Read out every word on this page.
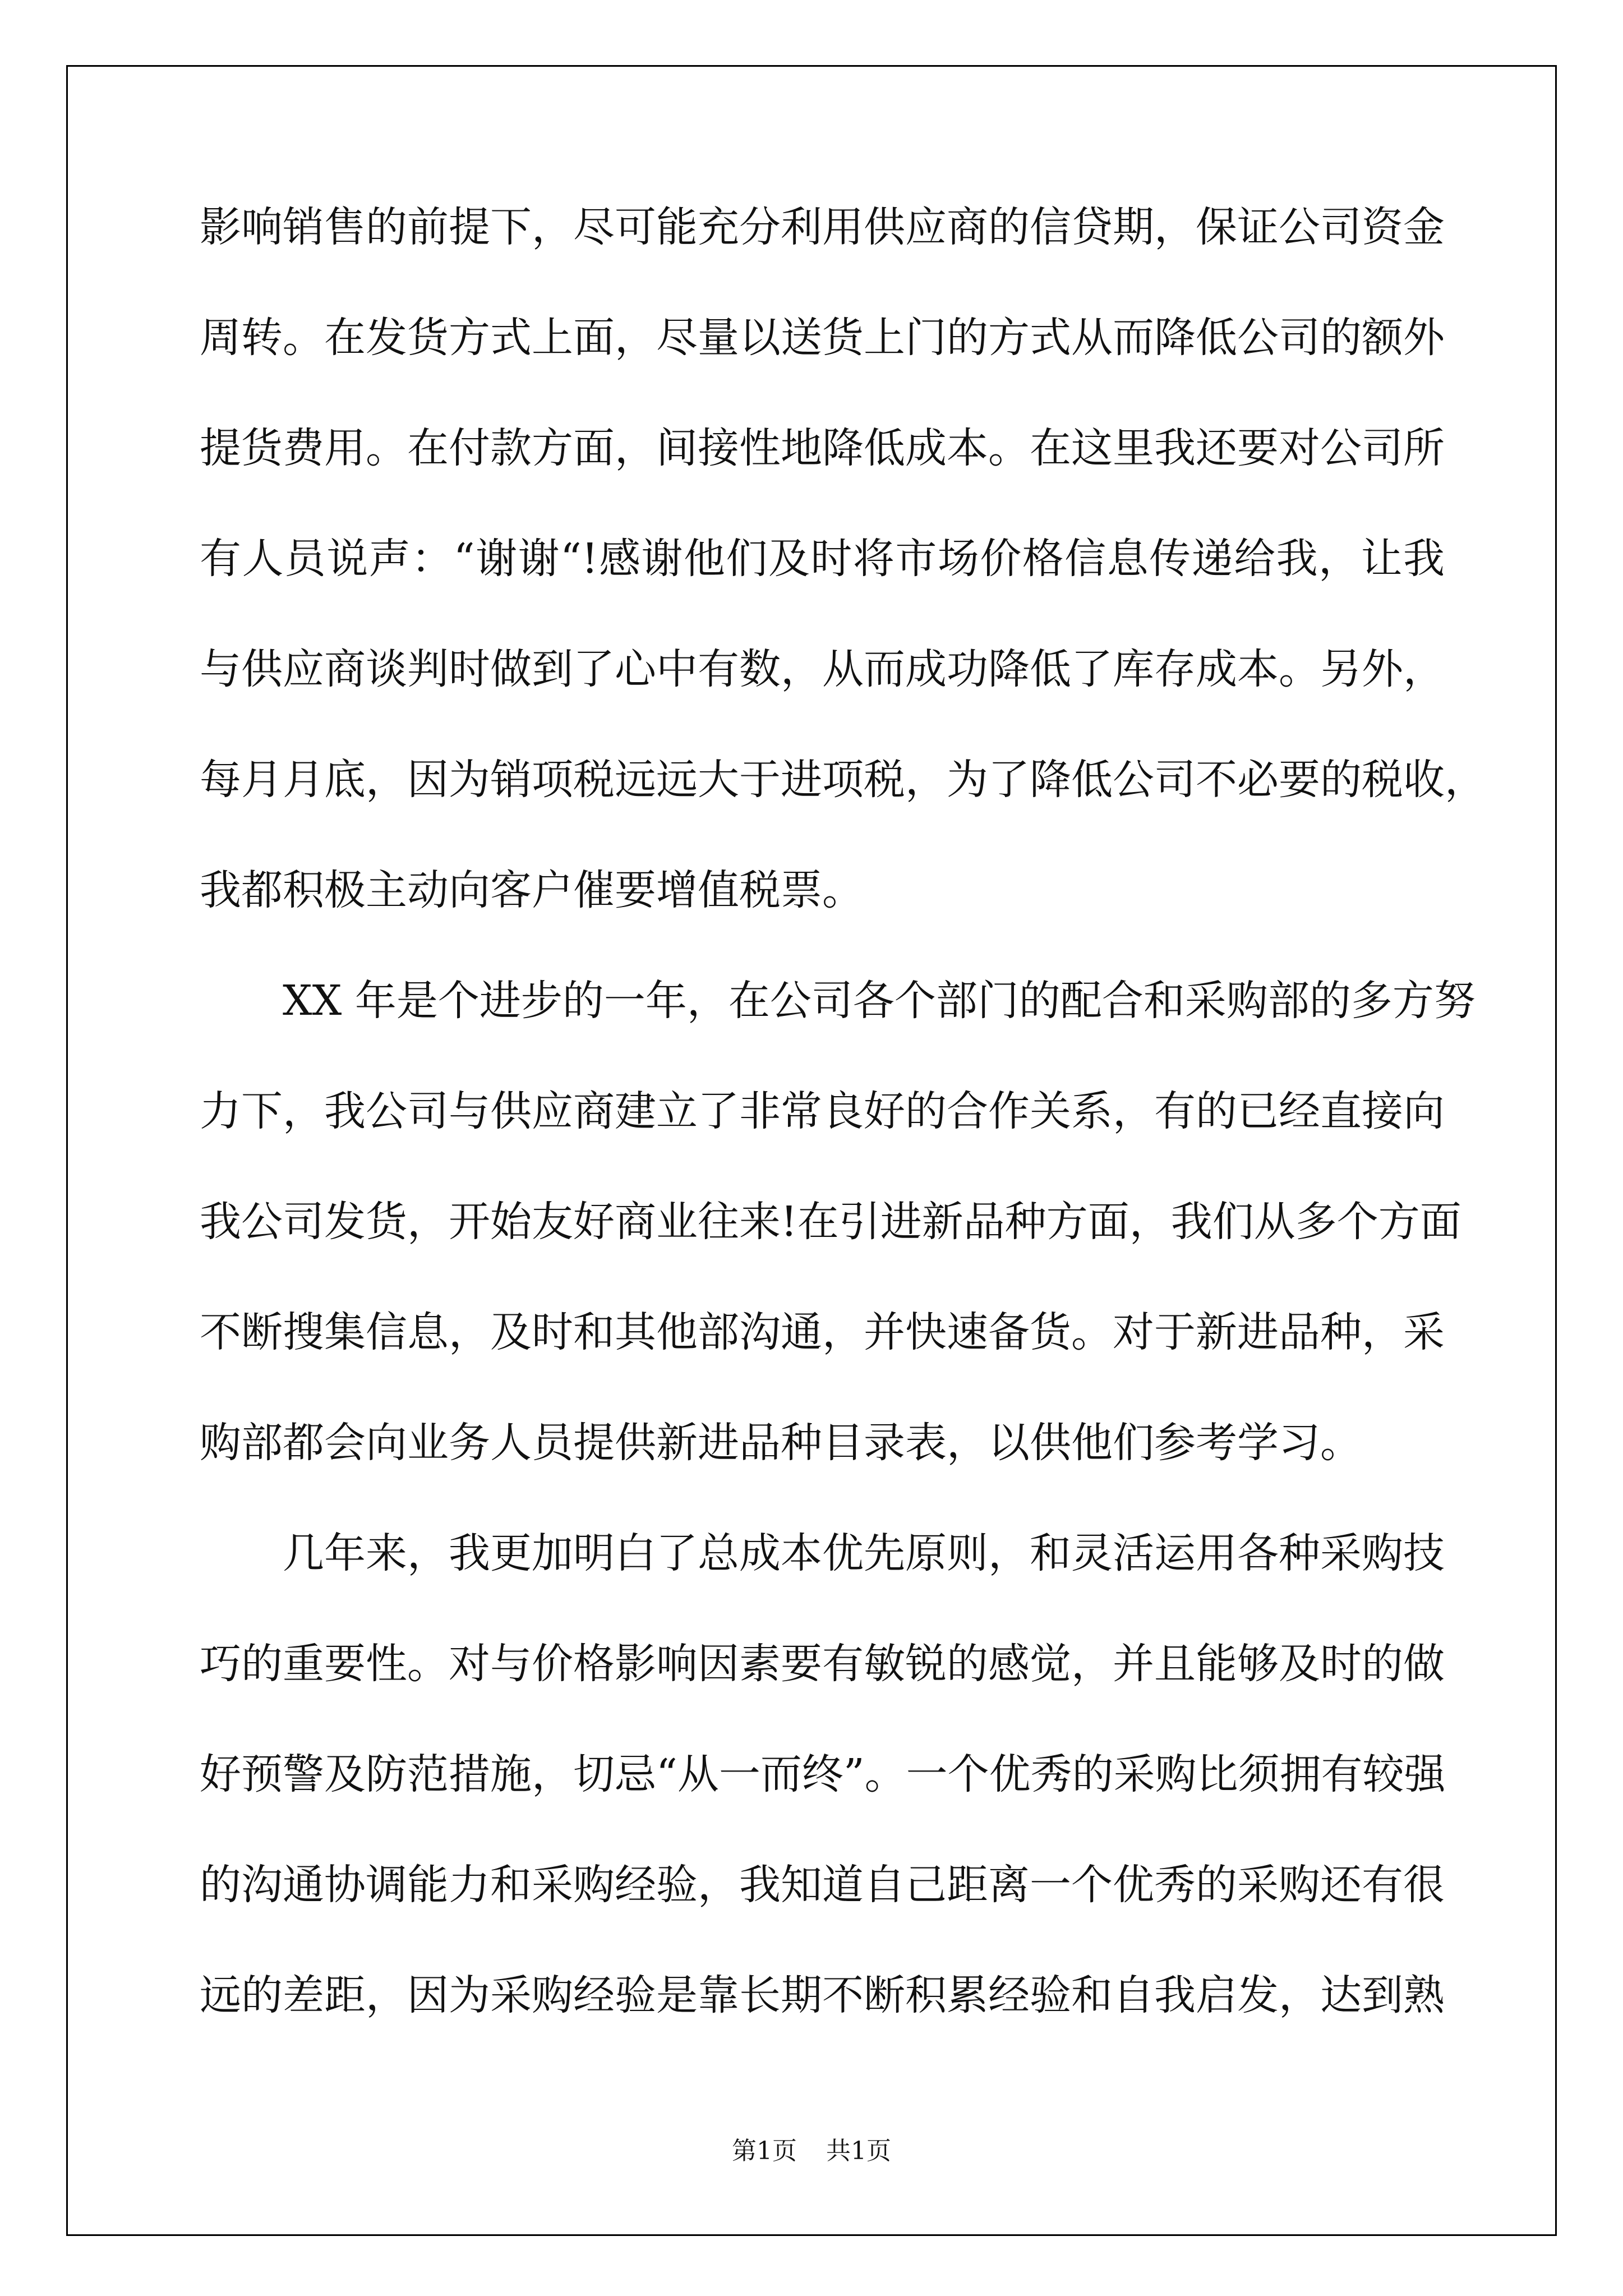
影响销售的前提下，尽可能充分利用供应商的信贷期，保证公司资金
周转。在发货方式上面，尽量以送货上门的方式从而降低公司的额外
提货费用。在付款方面，间接性地降低成本。在这里我还要对公司所
有人员说声：“谢谢“!感谢他们及时将市场价格信息传递给我，让我
与供应商谈判时做到了心中有数，从而成功降低了库存成本。另外，
每月月底，因为销项税远远大于进项税，为了降低公司不必要的税收，
我都积极主动向客户催要增值税票。
XX 年是个进步的一年，在公司各个部门的配合和采购部的多方努
力下，我公司与供应商建立了非常良好的合作关系，有的已经直接向
我公司发货，开始友好商业往来!在引进新品种方面，我们从多个方面
不断搜集信息，及时和其他部沟通，并快速备货。对于新进品种，采
购部都会向业务人员提供新进品种目录表，以供他们参考学习。
几年来，我更加明白了总成本优先原则，和灵活运用各种采购技
巧的重要性。对与价格影响因素要有敏锐的感觉，并且能够及时的做
好预警及防范措施，切忌“从一而终”。一个优秀的采购比须拥有较强
的沟通协调能力和采购经验，我知道自己距离一个优秀的采购还有很
远的差距，因为采购经验是靠长期不断积累经验和自我启发，达到熟
第1页 共1页
